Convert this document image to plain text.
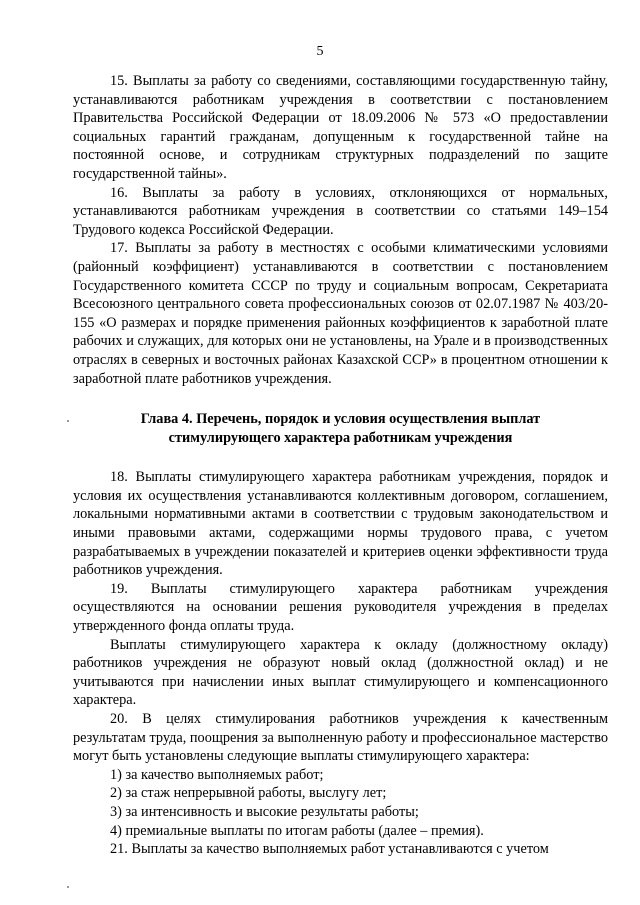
5

15. Выплаты за работу со сведениями, составляющими государственную тайну, устанавливаются работникам учреждения в соответствии с постановлением Правительства Российской Федерации от 18.09.2006 № 573 «О предоставлении социальных гарантий гражданам, допущенным к государственной тайне на постоянной основе, и сотрудникам структурных подразделений по защите государственной тайны».

16. Выплаты за работу в условиях, отклоняющихся от нормальных, устанавливаются работникам учреждения в соответствии со статьями 149–154 Трудового кодекса Российской Федерации.

17. Выплаты за работу в местностях с особыми климатическими условиями (районный коэффициент) устанавливаются в соответствии с постановлением Государственного комитета СССР по труду и социальным вопросам, Секретариата Всесоюзного центрального совета профессиональных союзов от 02.07.1987 № 403/20-155 «О размерах и порядке применения районных коэффициентов к заработной плате рабочих и служащих, для которых они не установлены, на Урале и в производственных отраслях в северных и восточных районах Казахской ССР» в процентном отношении к заработной плате работников учреждения.

Глава 4. Перечень, порядок и условия осуществления выплат стимулирующего характера работникам учреждения

18. Выплаты стимулирующего характера работникам учреждения, порядок и условия их осуществления устанавливаются коллективным договором, соглашением, локальными нормативными актами в соответствии с трудовым законодательством и иными правовыми актами, содержащими нормы трудового права, с учетом разрабатываемых в учреждении показателей и критериев оценки эффективности труда работников учреждения.

19. Выплаты стимулирующего характера работникам учреждения осуществляются на основании решения руководителя учреждения в пределах утвержденного фонда оплаты труда.

Выплаты стимулирующего характера к окладу (должностному окладу) работников учреждения не образуют новый оклад (должностной оклад) и не учитываются при начислении иных выплат стимулирующего и компенсационного характера.

20. В целях стимулирования работников учреждения к качественным результатам труда, поощрения за выполненную работу и профессиональное мастерство могут быть установлены следующие выплаты стимулирующего характера:

1) за качество выполняемых работ;

2) за стаж непрерывной работы, выслугу лет;

3) за интенсивность и высокие результаты работы;

4) премиальные выплаты по итогам работы (далее – премия).

21. Выплаты за качество выполняемых работ устанавливаются с учетом
